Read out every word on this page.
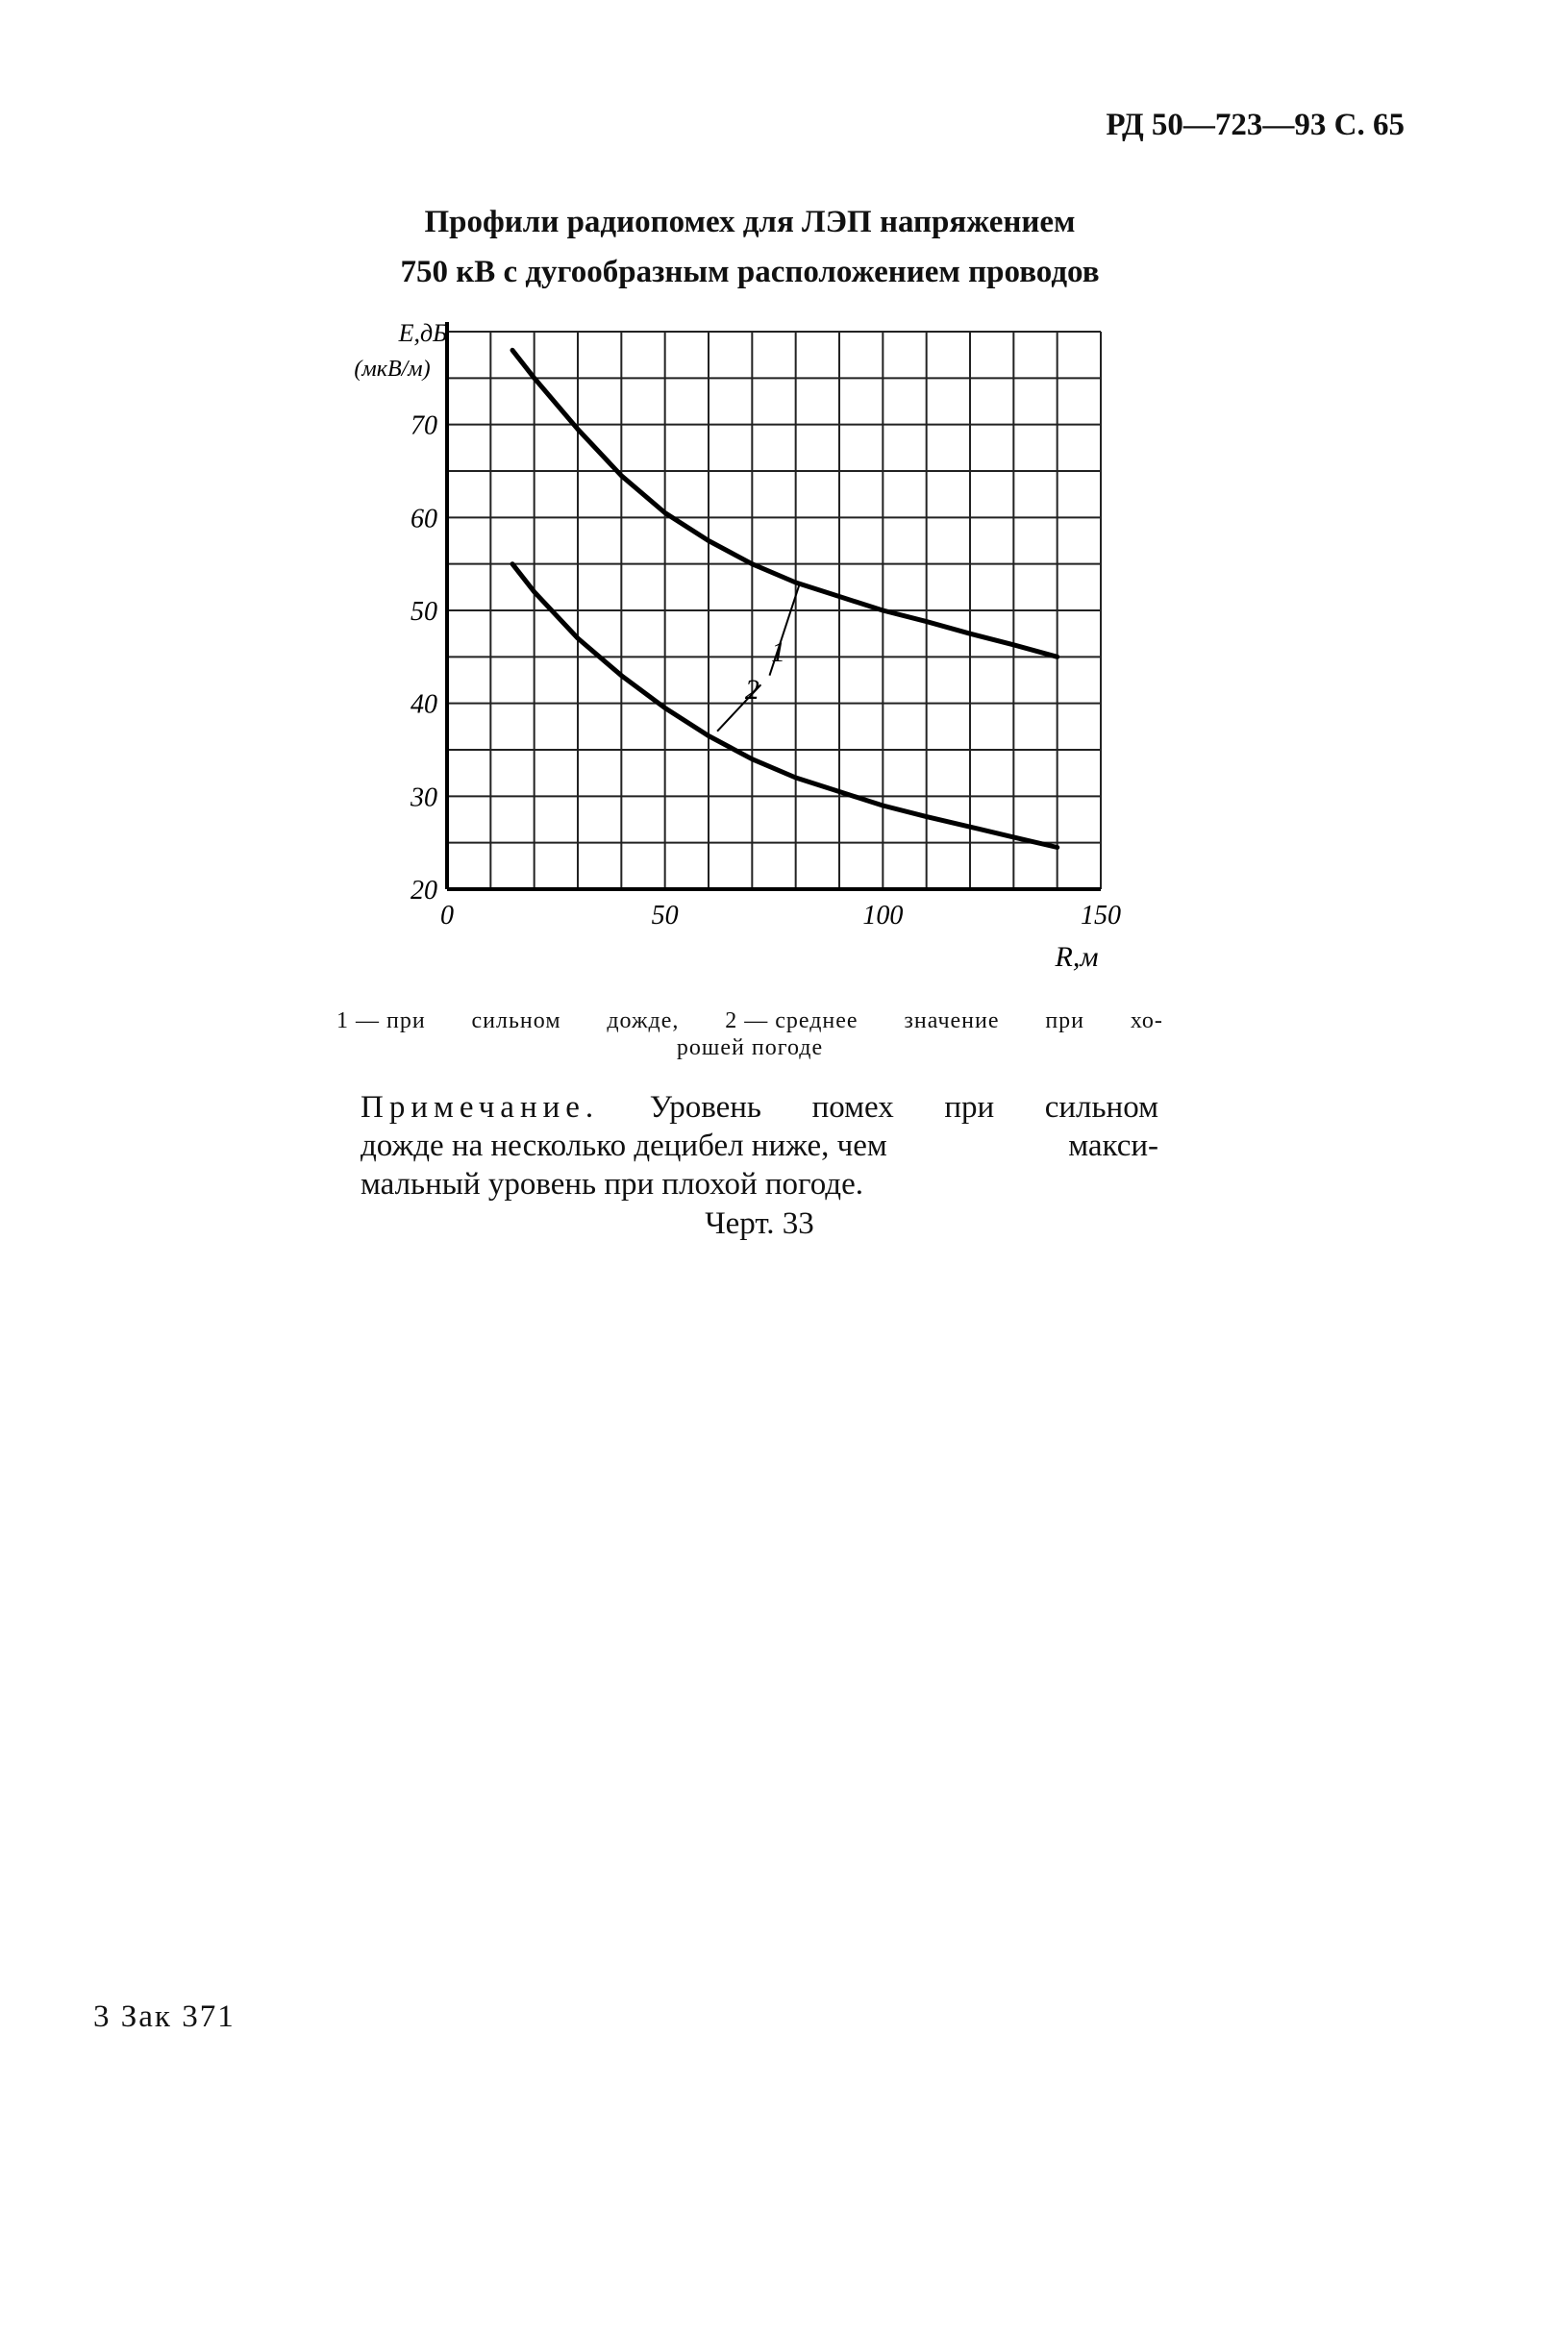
РД 50—723—93 С. 65
Профили радиопомех для ЛЭП напряжением
750 кВ с дугообразным расположением проводов
E,дБ
(мкВ/м)
R,м
0	50	100	150
20
30
40
50
60
70
1
2
1 — при сильном дожде, 2 — среднее значение при хо-
рошей погоде
Примечание. Уровень помех при сильном
дожде на несколько децибел ниже, чем	макси-
мальный уровень при плохой погоде.
Черт. 33
3 Зак 371
